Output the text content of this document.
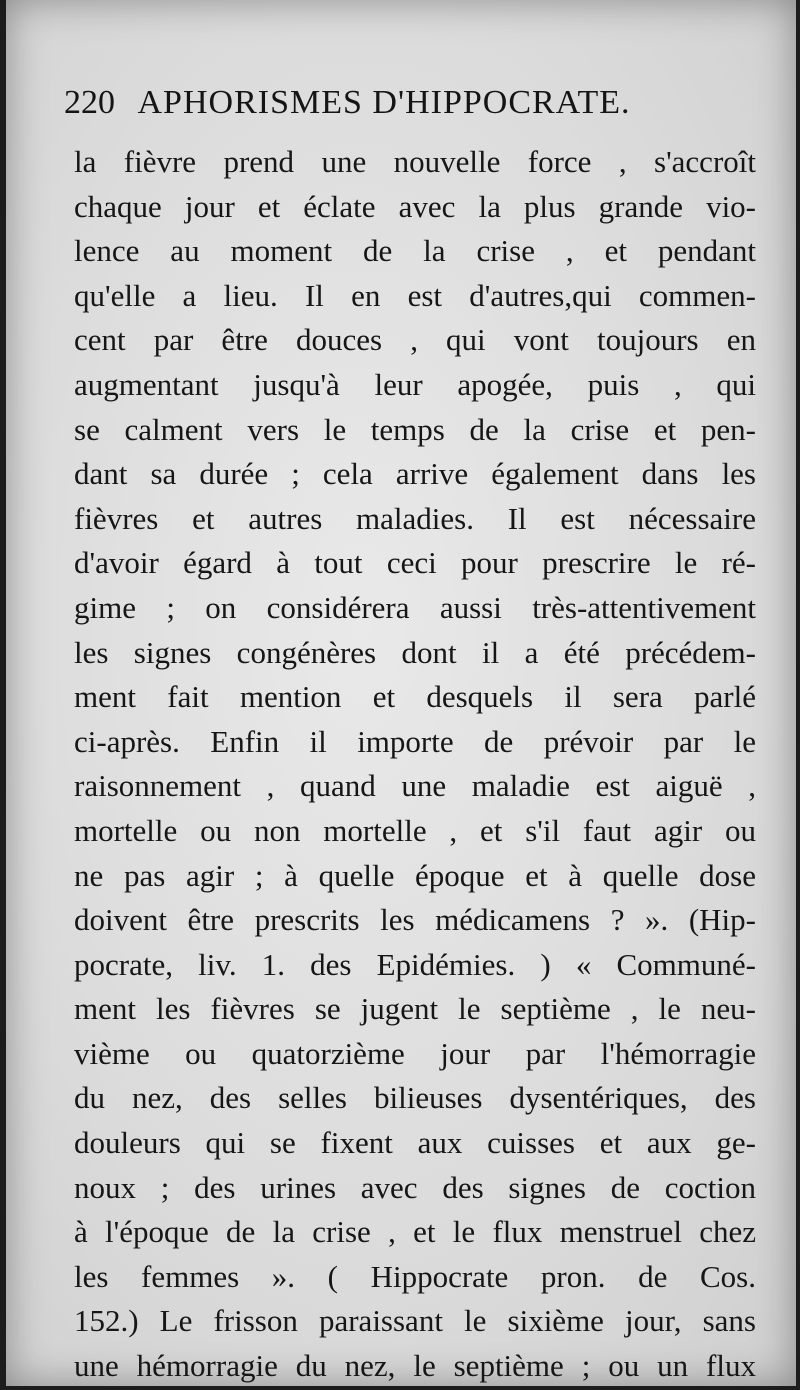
220 APHORISMES D'HIPPOCRATE.
la fièvre prend une nouvelle force , s'accroît
chaque jour et éclate avec la plus grande vio-
lence au moment de la crise , et pendant
qu'elle a lieu. Il en est d'autres,qui commen-
cent par être douces , qui vont toujours en
augmentant jusqu'à leur apogée, puis , qui
se calment vers le temps de la crise et pen-
dant sa durée ; cela arrive également dans les
fièvres et autres maladies. Il est nécessaire
d'avoir égard à tout ceci pour prescrire le ré-
gime ; on considérera aussi très-attentivement
les signes congénères dont il a été précédem-
ment fait mention et desquels il sera parlé
ci-après. Enfin il importe de prévoir par le
raisonnement , quand une maladie est aiguë ,
mortelle ou non mortelle , et s'il faut agir ou
ne pas agir ; à quelle époque et à quelle dose
doivent être prescrits les médicamens ? ». (Hip-
pocrate, liv. 1. des Epidémies. ) « Communé-
ment les fièvres se jugent le septième , le neu-
vième ou quatorzième jour par l'hémorragie
du nez, des selles bilieuses dysentériques, des
douleurs qui se fixent aux cuisses et aux ge-
noux ; des urines avec des signes de coction
à l'époque de la crise , et le flux menstruel chez
les femmes ». ( Hippocrate pron. de Cos.
152.) Le frisson paraissant le sixième jour, sans
une hémorragie du nez, le septième ; ou un flux
